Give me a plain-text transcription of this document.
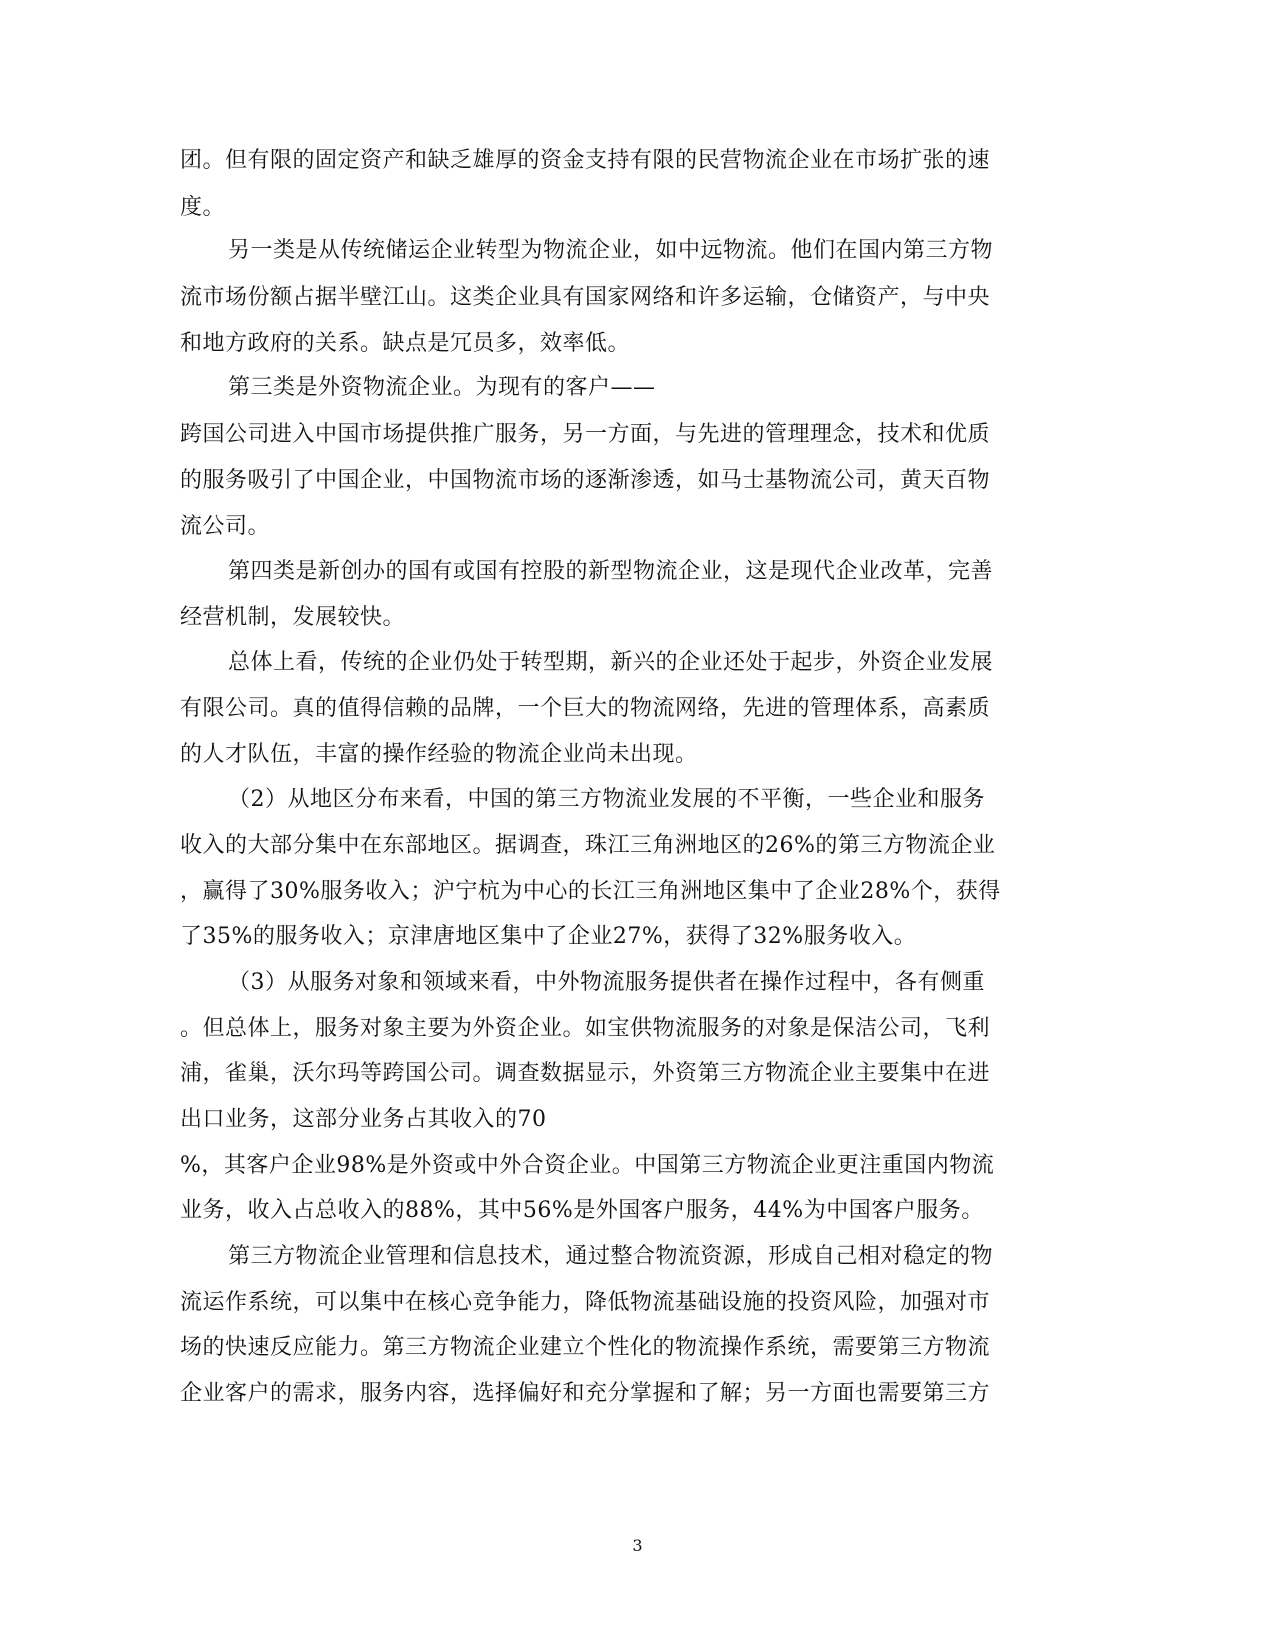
团。但有限的固定资产和缺乏雄厚的资金支持有限的民营物流企业在市场扩张的速
度。
另一类是从传统储运企业转型为物流企业，如中远物流。他们在国内第三方物
流市场份额占据半壁江山。这类企业具有国家网络和许多运输，仓储资产，与中央
和地方政府的关系。缺点是冗员多，效率低。
第三类是外资物流企业。为现有的客户——
跨国公司进入中国市场提供推广服务，另一方面，与先进的管理理念，技术和优质
的服务吸引了中国企业，中国物流市场的逐渐渗透，如马士基物流公司，黄天百物
流公司。
第四类是新创办的国有或国有控股的新型物流企业，这是现代企业改革，完善
经营机制，发展较快。
总体上看，传统的企业仍处于转型期，新兴的企业还处于起步，外资企业发展
有限公司。真的值得信赖的品牌，一个巨大的物流网络，先进的管理体系，高素质
的人才队伍，丰富的操作经验的物流企业尚未出现。
（2）从地区分布来看，中国的第三方物流业发展的不平衡，一些企业和服务
收入的大部分集中在东部地区。据调查，珠江三角洲地区的26%的第三方物流企业
，赢得了30%服务收入；沪宁杭为中心的长江三角洲地区集中了企业28%个，获得
了35%的服务收入；京津唐地区集中了企业27%，获得了32%服务收入。
（3）从服务对象和领域来看，中外物流服务提供者在操作过程中，各有侧重
。但总体上，服务对象主要为外资企业。如宝供物流服务的对象是保洁公司，飞利
浦，雀巢，沃尔玛等跨国公司。调查数据显示，外资第三方物流企业主要集中在进
出口业务，这部分业务占其收入的70
%，其客户企业98%是外资或中外合资企业。中国第三方物流企业更注重国内物流
业务，收入占总收入的88%，其中56%是外国客户服务，44%为中国客户服务。
第三方物流企业管理和信息技术，通过整合物流资源，形成自己相对稳定的物
流运作系统，可以集中在核心竞争能力，降低物流基础设施的投资风险，加强对市
场的快速反应能力。第三方物流企业建立个性化的物流操作系统，需要第三方物流
企业客户的需求，服务内容，选择偏好和充分掌握和了解；另一方面也需要第三方
3
